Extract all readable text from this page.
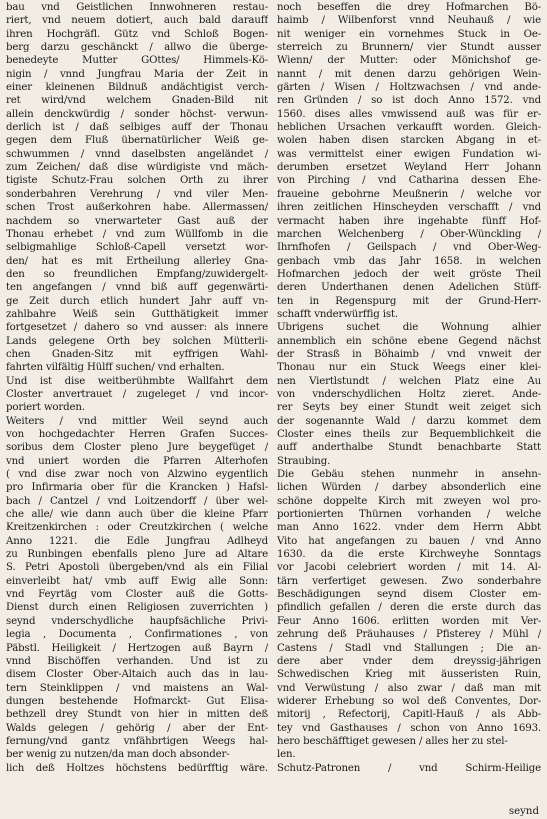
bau vnd Geistlichen Innwohneren restau-
riert, vnd neuem dotiert, auch bald darauff
ihren Hochgräfl. Gütz vnd Schloß Bogen-
berg darzu geschänckt / allwo die überge-
benedeyte Mutter GOttes/ Himmels-Kö-
nigin / vnnd Jungfrau Maria der Zeit in
einer kleinenen Bildnuß andächtigist verch-
ret wird/vnd welchem Gnaden-Bild nit
allein denckwürdig / sonder höchst- verwun-
derlich ist / daß selbiges auff der Thonau
gegen dem Fluß übernatürlicher Weiß ge-
schwummen / vnnd daselbsten angeländet /
zum Zeichen/ daß dise würdigiste vnd mäch-
tigiste Schutz-Frau solchen Orth zu ihrer
sonderbahren Verehrung / vnd viler Men-
schen Trost außerkohren habe. Allermassen/
nachdem so vnerwarteter Gast auß der
Thonau erhebet / vnd zum Wüllfomb in die
selbigmahlige Schloß-Capell versetzt wor-
den/ hat es mit Ertheilung allerley Gna-
den so freundlichen Empfang/zuwidergelt-
ten angefangen / vnnd biß auff gegenwärti-
ge Zeit durch etlich hundert Jahr auff vn-
zahlbahre Weiß sein Gutthätigkeit immer
fortgesetzet / dahero so vnd ausser: als innere
Lands gelegene Orth bey solchen Mütterli-
chen Gnaden-Sitz mit eyffrigen Wahl-
fahrten vilfältig Hülff suchen/ vnd erhalten.
Und ist dise weitberühmbte Wallfahrt dem
Closter anvertrauet / zugeleget / vnd incor-
poriert worden.
Weiters / vnd mittler Weil seynd auch
von hochgedachter Herren Grafen Succes-
soribus dem Closter pleno Jure beygefüget /
vnd uniert worden die Pfarren Alterhofen
( vnd dise zwar noch von Alzwino eygentlich
pro Infirmaria ober für die Krancken ) Hafsl-
bach / Cantzel / vnd Loitzendorff / über wel-
che alle/ wie dann auch über die kleine Pfarr
Kreitzenkirchen : oder Creutzkirchen ( welche
Anno 1221. die Edle Jungfrau Adlheyd
zu Runbingen ebenfalls pleno Jure ad Altare
S. Petri Apostoli übergeben/vnd als ein Filial
einverleibt hat/ vmb auff Ewig alle Sonn:
vnd Feyrtäg vom Closter auß die Gotts-
Dienst durch einen Religiosen zuverrichten )
seynd vnderschydliche haupfsächliche Privi-
legia , Documenta , Confirmationes , von
Päbstl. Heiligkeit / Hertzogen auß Bayrn /
vnnd Bischöffen verhanden. Und ist zu
disem Closter Ober-Altaich auch das in lau-
tern Steinklippen / vnd maistens an Wal-
dungen bestehende Hofmarckt- Gut Elisa-
bethzell drey Stundt von hier in mitten deß
Walds gelegen / gehörig / aber der Ent-
fernung/vnd gantz vnfähbrtigen Weegs hal-
ber wenig zu nutzen/da man doch absonder-
lich deß Holtzes höchstens bedürfftig wäre.
noch beseffen die drey Hofmarchen Bö-
haimb / Wilbenforst vnnd Neuhauß / wie
nit weniger ein vornehmes Stuck in Oe-
sterreich zu Brunnern/ vier Stundt ausser
Wienn/ der Mutter: oder Mönichshof ge-
nannt / mit denen darzu gehörigen Wein-
gärten / Wisen / Holtzwachsen / vnd ande-
ren Gründen / so ist doch Anno 1572. vnd
1560. dises alles vmwissend auß was für er-
heblichen Ursachen verkaufft worden. Gleich-
wolen haben disen starcken Abgang in et-
was vermittelst einer ewigen Fundation wi-
derumben ersetzet Weyland Herr Johann
von Pirching / vnd Catharina dessen Ehe-
fraueine gebohrne Meußnerin / welche vor
ihren zeitlichen Hinscheyden verschafft / vnd
vermacht haben ihre ingehabte fünff Hof-
marchen Welchenberg / Ober-Wünckling /
Ihrnfhofen / Geilspach / vnd Ober-Weg-
genbach vmb das Jahr 1658. in welchen
Hofmarchen jedoch der weit gröste Theil
deren Underthanen denen Adelichen Stüff-
ten in Regenspurg mit der Grund-Herr-
schafft vnderwürffig ist.
Ubrigens suchet die Wohnung alhier
annemblich ein schöne ebene Gegend nächst
der Strasß in Böhaimb / vnd vnweit der
Thonau nur ein Stuck Weegs einer klei-
nen Viertlstundt / welchen Platz eine Au
von vnderschydlichen Holtz zieret. Ande-
rer Seyts bey einer Stundt weit zeiget sich
der sogenannte Wald / darzu kommet dem
Closter eines theils zur Bequemblichkeit die
auff anderthalbe Stundt benachbarte Statt
Straubing.
Die Gebäu stehen nunmehr in ansehn-
lichen Würden / darbey absonderlich eine
schöne doppelte Kirch mit zweyen wol pro-
portionierten Thürnen vorhanden / welche
man Anno 1622. vnder dem Herrn Abbt
Vito hat angefangen zu bauen / vnd Anno
1630. da die erste Kirchweyhe Sonntags
vor Jacobi celebriert worden / mit 14. Al-
tärn verfertiget gewesen. Zwo sonderbahre
Beschädigungen seynd disem Closter em-
pfindlich gefallen / deren die erste durch das
Feur Anno 1606. erlitten worden mit Ver-
zehrung deß Präuhauses / Pfisterey / Mühl /
Castens / Stadl vnd Stallungen ; Die an-
dere aber vnder dem dreyssig-jährigen
Schwedischen Krieg mit äusseristen Ruin,
vnd Verwüstung / also zwar / daß man mit
widerer Erhebung so wol deß Conventes, Dor-
mitorij , Refectorij, Capitl-Hauß / als Abb-
tey vnd Gasthauses / schon von Anno 1693.
hero beschäfftiget gewesen / alles her zu stel-
len.
Schutz-Patronen / vnd Schirm-Heilige
seynd
